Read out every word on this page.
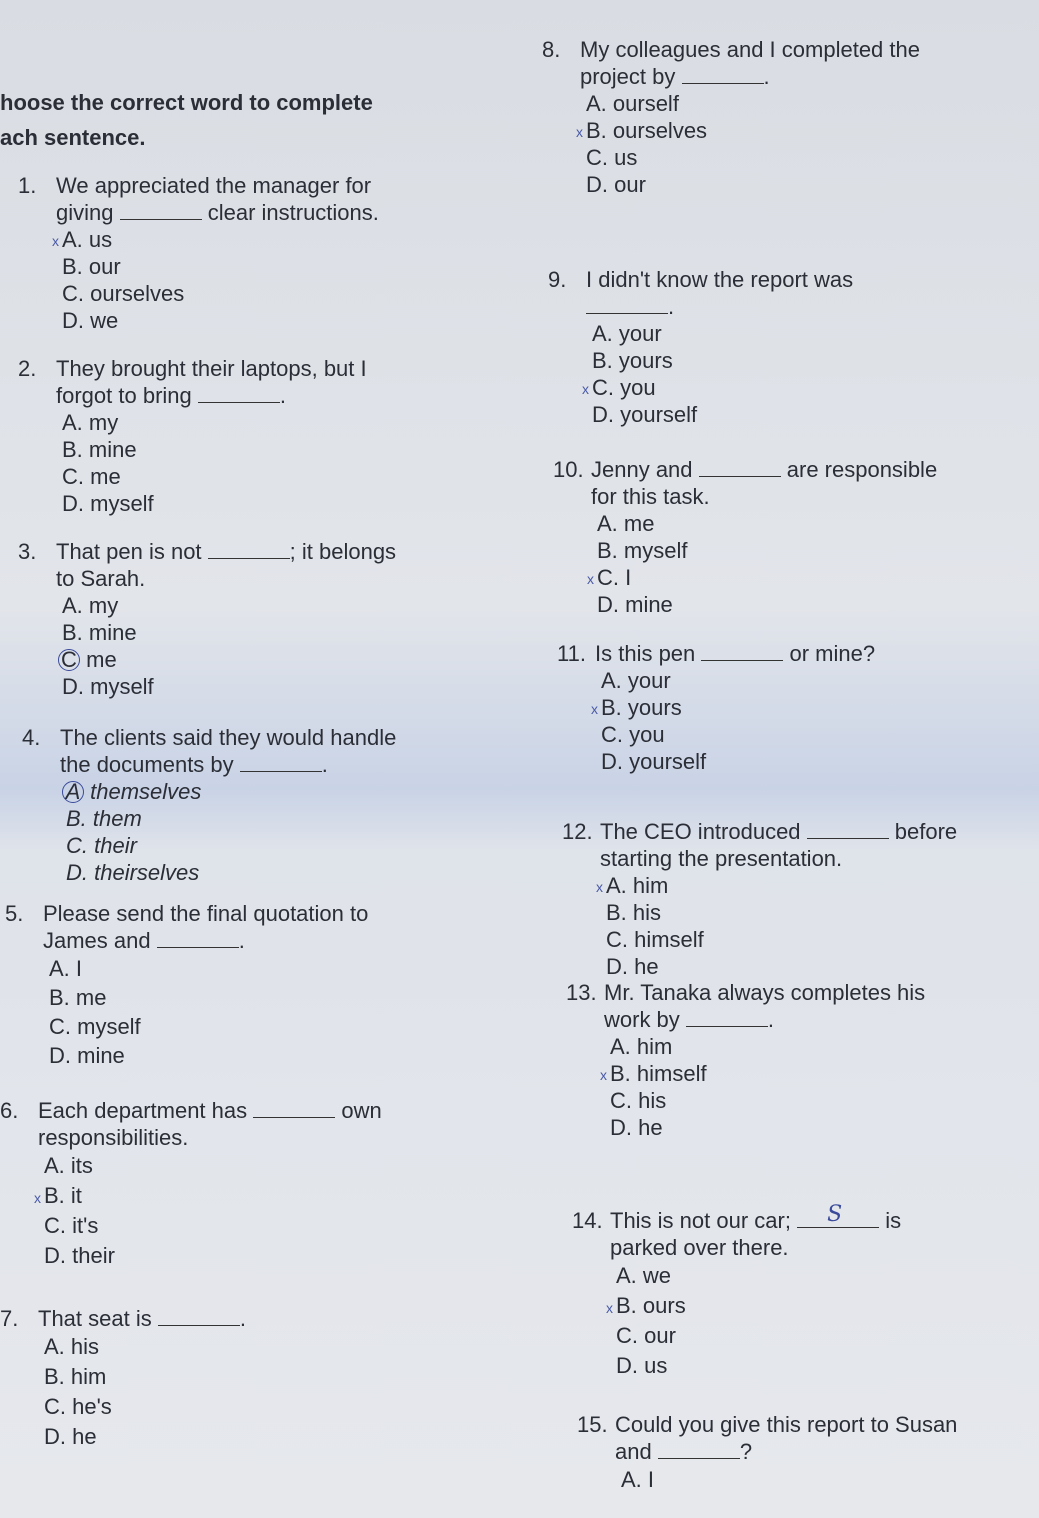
hoose the correct word to complete
ach sentence.
1. We appreciated the manager for
giving	clear instructions.
x A. us
B. our
C. ourselves
D. we
2. They brought their laptops, but I
forgot to bring	.
A. my
B. mine
C. me
D. myself
3. That pen is not	; it belongs
to Sarah.
A. my
B. mine
C me
D. myself
4. The clients said they would handle
the documents by	.
A themselves
B. them
C. their
D. theirselves
5. Please send the final quotation to
James and	.
A. I
B. me
C. myself
D. mine
6. Each department has	own
responsibilities.
A. its
x B. it
C. it's
D. their
7. That seat is	.
A. his
B. him
C. he's
D. he
8. My colleagues and I completed the
project by	.
A. ourself
x B. ourselves
C. us
D. our
9. I didn't know the report was
.
A. your
B. yours
x C. you
D. yourself
10. Jenny and	are responsible
for this task.
A. me
B. myself
x C. I
D. mine
11. Is this pen	or mine?
A. your
x B. yours
C. you
D. yourself
12. The CEO introduced	before
starting the presentation.
x A. him
B. his
C. himself
D. he
13. Mr. Tanaka always completes his
work by	.
A. him
x B. himself
C. his
D. he
14. This is not our car; S is
parked over there.
A. we
x B. ours
C. our
D. us
15. Could you give this report to Susan
and	?
A. I
